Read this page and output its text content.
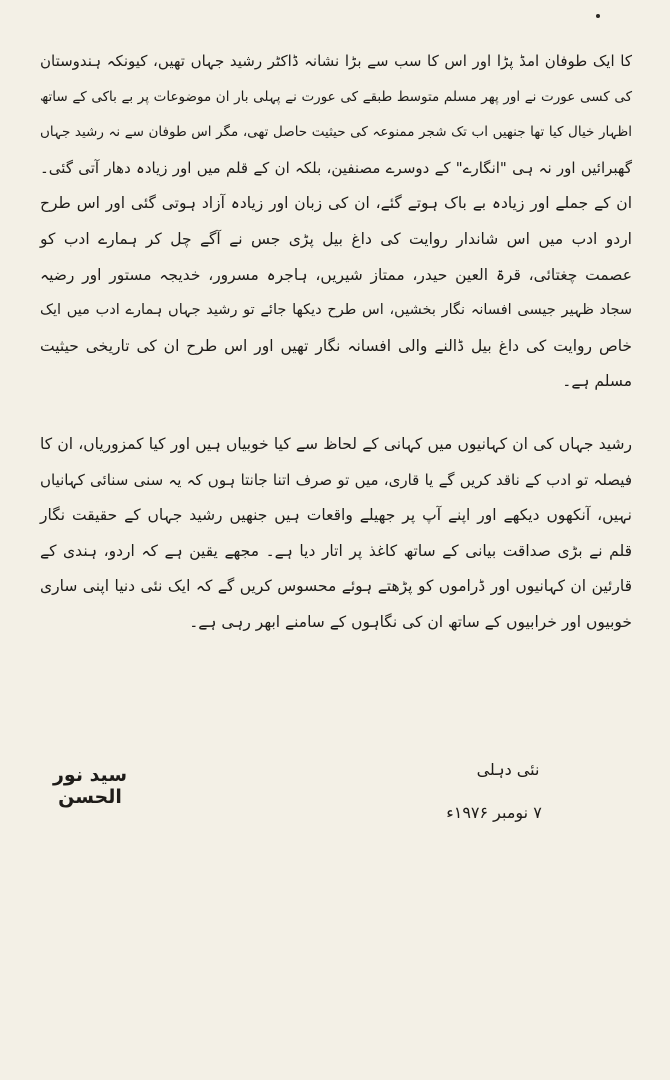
کا ایک طوفان امڈ پڑا اور اس کا سب سے بڑا نشانہ ڈاکٹر رشید جہاں تھیں، کیونکہ ہندوستان
کی کسی عورت نے اور پھر مسلم متوسط طبقے کی عورت نے پہلی بار ان موضوعات پر بے باکی کے ساتھ
اظہار خیال کیا تھا جنھیں اب تک شجر ممنوعہ کی حیثیت حاصل تھی، مگر اس طوفان سے نہ رشید جہاں
گھبرائیں اور نہ ہی "انگارے" کے دوسرے مصنفین، بلکہ ان کے قلم میں اور زیادہ دھار آتی گئی۔
ان کے جملے اور زیادہ بے باک ہوتے گئے، ان کی زبان اور زیادہ آزاد ہوتی گئی اور اس طرح
اردو ادب میں اس شاندار روایت کی داغ بیل پڑی جس نے آگے چل کر ہمارے ادب کو
عصمت چغتائی، قرۃ العین حیدر، ممتاز شیریں، ہاجرہ مسرور، خدیجہ مستور اور رضیہ
سجاد ظہیر جیسی افسانہ نگار بخشیں، اس طرح دیکھا جائے تو رشید جہاں ہمارے ادب میں ایک
خاص روایت کی داغ بیل ڈالنے والی افسانہ نگار تھیں اور اس طرح ان کی تاریخی حیثیت
مسلم ہے۔

رشید جہاں کی ان کہانیوں میں کہانی کے لحاظ سے کیا خوبیاں ہیں اور کیا کمزوریاں، ان کا
فیصلہ تو ادب کے ناقد کریں گے یا قاری، میں تو صرف اتنا جانتا ہوں کہ یہ سنی سنائی کہانیاں
نہیں، آنکھوں دیکھے اور اپنے آپ پر جھیلے واقعات ہیں جنھیں رشید جہاں کے حقیقت نگار
قلم نے بڑی صداقت بیانی کے ساتھ کاغذ پر اتار دیا ہے۔ مجھے یقین ہے کہ اردو، ہندی کے
قارئین ان کہانیوں اور ڈراموں کو پڑھتے ہوئے محسوس کریں گے کہ ایک نئی دنیا اپنی ساری
خوبیوں اور خرابیوں کے ساتھ ان کی نگاہوں کے سامنے ابھر رہی ہے۔

سید نور الحسن
نئی دہلی
۷ نومبر ۱۹۷۶ء
